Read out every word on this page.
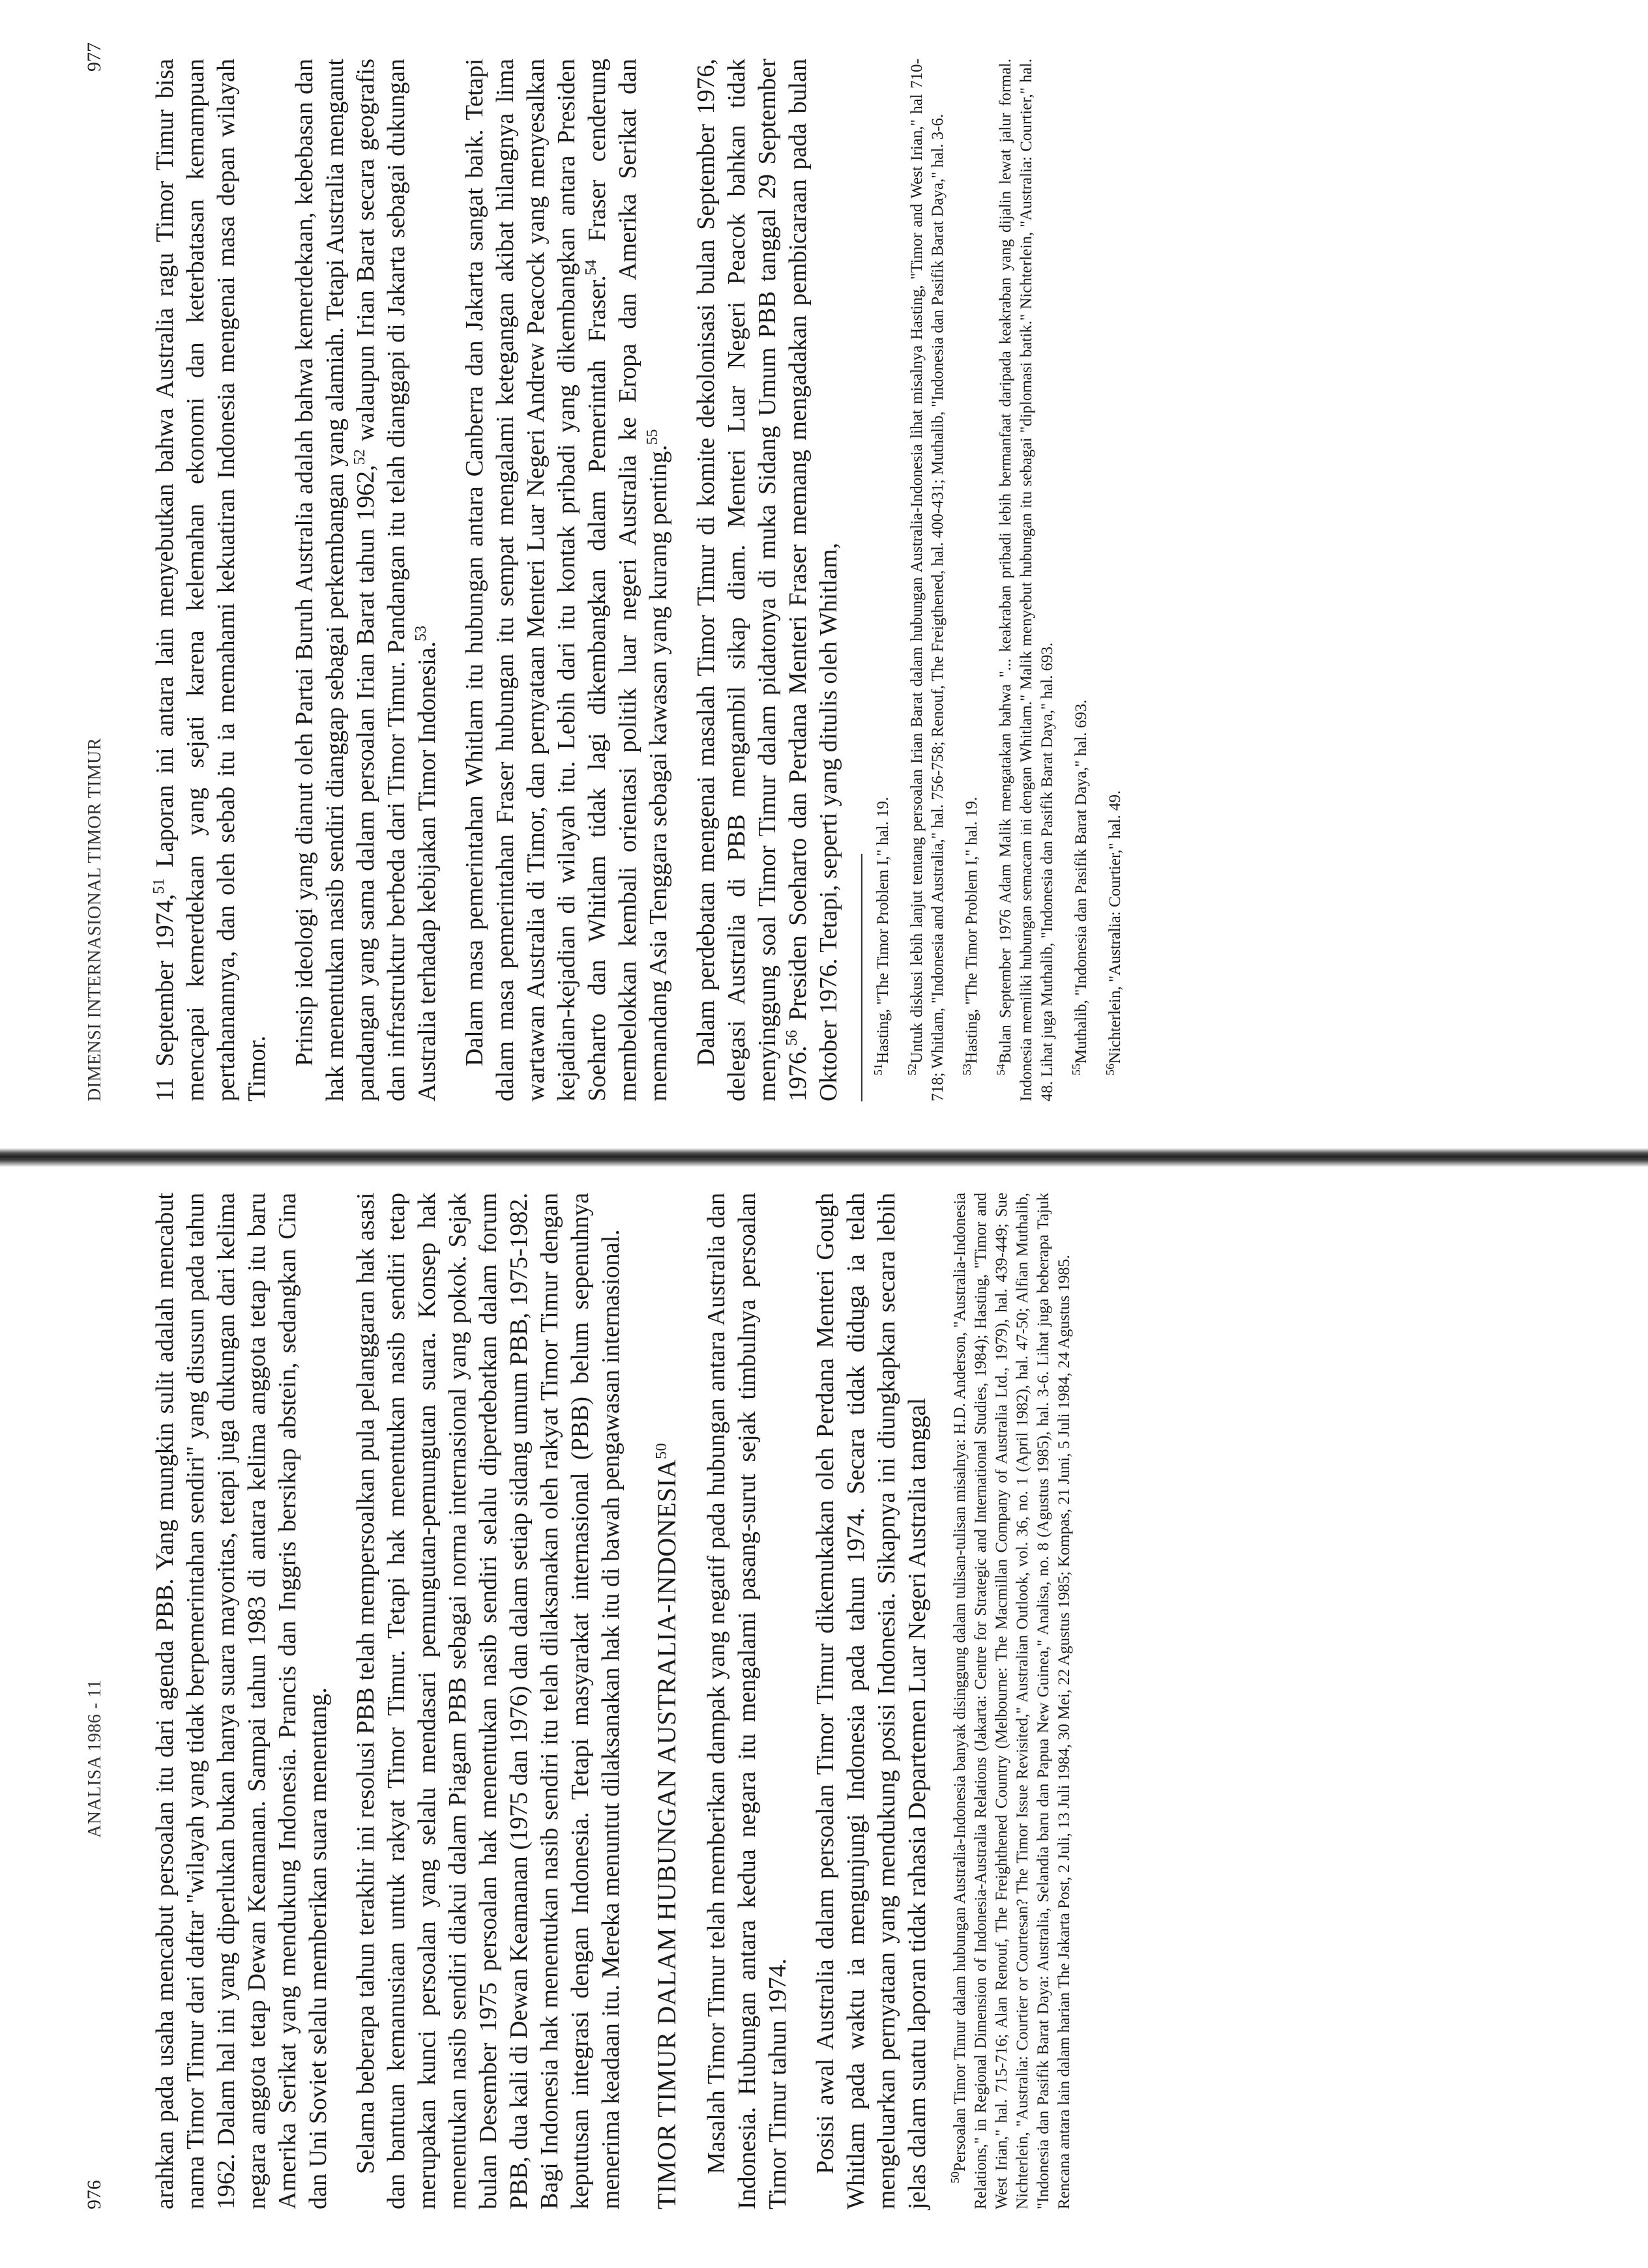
976
ANALISA 1986 - 11 arahkan pada usaha mencabut persoalan itu dari agenda PBB. Yang mungkin sulit adalah mencabut nama Timor Timur dari daftar "wilayah yang tidak berpemerintahan sendiri" yang disusun pada tahun 1962. Dalam hal ini yang diperlukan bukan hanya suara mayoritas, tetapi juga dukungan dari kelima negara anggota tetap Dewan Keamanan. Sampai tahun 1983 di antara kelima anggota tetap itu baru Amerika Serikat yang mendukung Indonesia. Prancis dan Inggris bersikap abstein, sedangkan Cina dan Uni Soviet selalu memberikan suara menentang. Selama beberapa tahun terakhir ini resolusi PBB telah mempersoalkan pula pelanggaran hak asasi dan bantuan kemanusiaan untuk rakyat Timor Timur. Tetapi hak menentukan nasib sendiri tetap merupakan kunci persoalan yang selalu mendasari pemungutan-pemungutan suara. Konsep hak menentukan nasib sendiri diakui dalam Piagam PBB sebagai norma internasional yang pokok. Sejak bulan Desember 1975 persoalan hak menentukan nasib sendiri selalu diperdebatkan dalam forum PBB, dua kali di Dewan Keamanan (1975 dan 1976) dan dalam setiap sidang umum PBB, 1975-1982. Bagi Indonesia hak menentukan nasib sendiri itu telah dilaksanakan oleh rakyat Timor Timur dengan keputusan integrasi dengan Indonesia. Tetapi masyarakat internasional (PBB) belum sepenuhnya menerima keadaan itu. Mereka menuntut dilaksanakan hak itu di bawah pengawasan internasional. TIMOR TIMUR DALAM HUBUNGAN AUSTRALIA-INDONESIA$^{50}$	Masalah Timor Timur telah memberikan dampak yang negatif pada hubungan antara Australia dan Indonesia. Hubungan antara kedua negara itu mengalami pasang-surut sejak timbulnya persoalan Timor Timur tahun 1974. Posisi awal Australia dalam persoalan Timor Timur dikemukakan oleh Perdana Menteri Gough Whitlam pada waktu ia mengunjungi Indonesia pada tahun 1974. Secara tidak diduga ia telah mengeluarkan pernyataan yang mendukung posisi Indonesia. Sikapnya ini diungkapkan secara lebih jelas dalam suatu laporan tidak rahasia Departemen Luar Negeri Australia tanggal $^{50}$Persoalan Timor Timur dalam hubungan Australia-Indonesia banyak disinggung dalam tulisan-tulisan misalnya: H.D. Anderson, "Australia-Indonesia Relations," in Regional Dimension of Indonesia-Australia Relations (Jakarta: Centre for Strategic and International Studies, 1984); Hasting, "Timor and West Irian," hal. 715-716; Alan Renouf, The Freighthened Country (Melbourne: The Macmillan Company of Australia Ltd., 1979), hal. 439-449; Sue Nichterlein, "Australia: Courtier or Courtesan? The Timor Issue Revisited," Australian Outlook, vol. 36, no. 1 (April 1982), hal. 47-50; Alfian Muthalib, "Indonesia dan Pasifik Barat Daya: Australia, Selandia baru dan Papua New Guinea," Analisa, no. 8 (Agustus 1985), hal. 3-6. Lihat juga beberapa Tajuk Rencana antara lain dalam harian The Jakarta Post, 2 Juli, 13 Juli 1984, 30 Mei, 22 Agustus 1985; Kompas, 21 Juni, 5 Juli 1984, 24 Agustus 1985.

DIMENSI INTERNASIONAL TIMOR TIMUR
977

11 September 1974,51 Laporan ini antara lain menyebutkan bahwa Australia ragu Timor Timur bisa mencapai kemerdekaan yang sejati karena kelemahan ekonomi dan keterbatasan kemampuan pertahanannya, dan oleh sebab itu ia memahami kekuatiran Indonesia mengenai masa depan wilayah Timor.

Prinsip ideologi yang dianut oleh Partai Buruh Australia adalah bahwa kemerdekaan, kebebasan dan hak menentukan nasib sendiri dianggap sebagai perkembangan yang alamiah. Tetapi Australia menganut pandangan yang sama dalam persoalan Irian Barat tahun 1962,52 walaupun Irian Barat secara geografis dan infrastruktur berbeda dari Timor Timur. Pandangan itu telah dianggapi di Jakarta sebagai dukungan Australia terhadap kebijakan Timor Indonesia.$^{53}$	Dalam masa pemerintahan Whitlam itu hubungan antara Canberra dan Jakarta sangat baik. Tetapi dalam masa pemerintahan Fraser hubungan itu sempat mengalami ketegangan akibat hilangnya lima wartawan Australia di Timor, dan pernyataan Menteri Luar Negeri Andrew Peacock yang menyesalkan kejadian-kejadian di wilayah itu. Lebih dari itu kontak pribadi yang dikembangkan antara Presiden Soeharto dan Whitlam tidak lagi dikembangkan dalam Pemerintah Fraser.$^{54}$ Fraser cenderung membelokkan kembali orientasi politik luar negeri Australia ke Eropa dan Amerika Serikat dan memandang Asia Tenggara sebagai kawasan yang kurang penting.$^{55}$	Dalam perdebatan mengenai masalah Timor Timur di komite dekolonisasi bulan September 1976, delegasi Australia di PBB mengambil sikap diam. Menteri Luar Negeri Peacok bahkan tidak menyinggung soal Timor Timur dalam pidatonya di muka Sidang Umum PBB tanggal 29 September 1976.56 Presiden Soeharto dan Perdana Menteri Fraser memang mengadakan pembicaraan pada bulan Oktober 1976. Tetapi, seperti yang ditulis oleh Whitlam,	$^{51}$Hasting, "The Timor Problem I," hal. 19.

$^{52}$Untuk diskusi lebih lanjut tentang persoalan Irian Barat dalam hubungan Australia-Indonesia lihat misalnya Hasting, "Timor and West Irian," hal 710-718; Whitlam, "Indonesia and Australia," hal. 756-758; Renouf, The Freigthened, hal. 400-431; Muthalib, "Indonesia dan Pasifik Barat Daya," hal. 3-6. $^{53}$Hasting, "The Timor Problem I," hal. 19.

$^{54}$Bulan September 1976 Adam Malik mengatakan bahwa "... keakraban pribadi lebih bermanfaat daripada keakraban yang dijalin lewat jalur formal. Indonesia memiliki hubungan semacam ini dengan Whitlam." Malik menyebut hubungan itu sebagai "diplomasi batik." Nichterlein, "Australia: Courtier," hal. 48. Lihat juga Muthalib, "Indonesia dan Pasifik Barat Daya," hal. 693. $^{55}$Muthalib, "Indonesia dan Pasifik Barat Daya," hal. 693.

$^{56}$Nichterlein, "Australia: Courtier," hal. 49.
